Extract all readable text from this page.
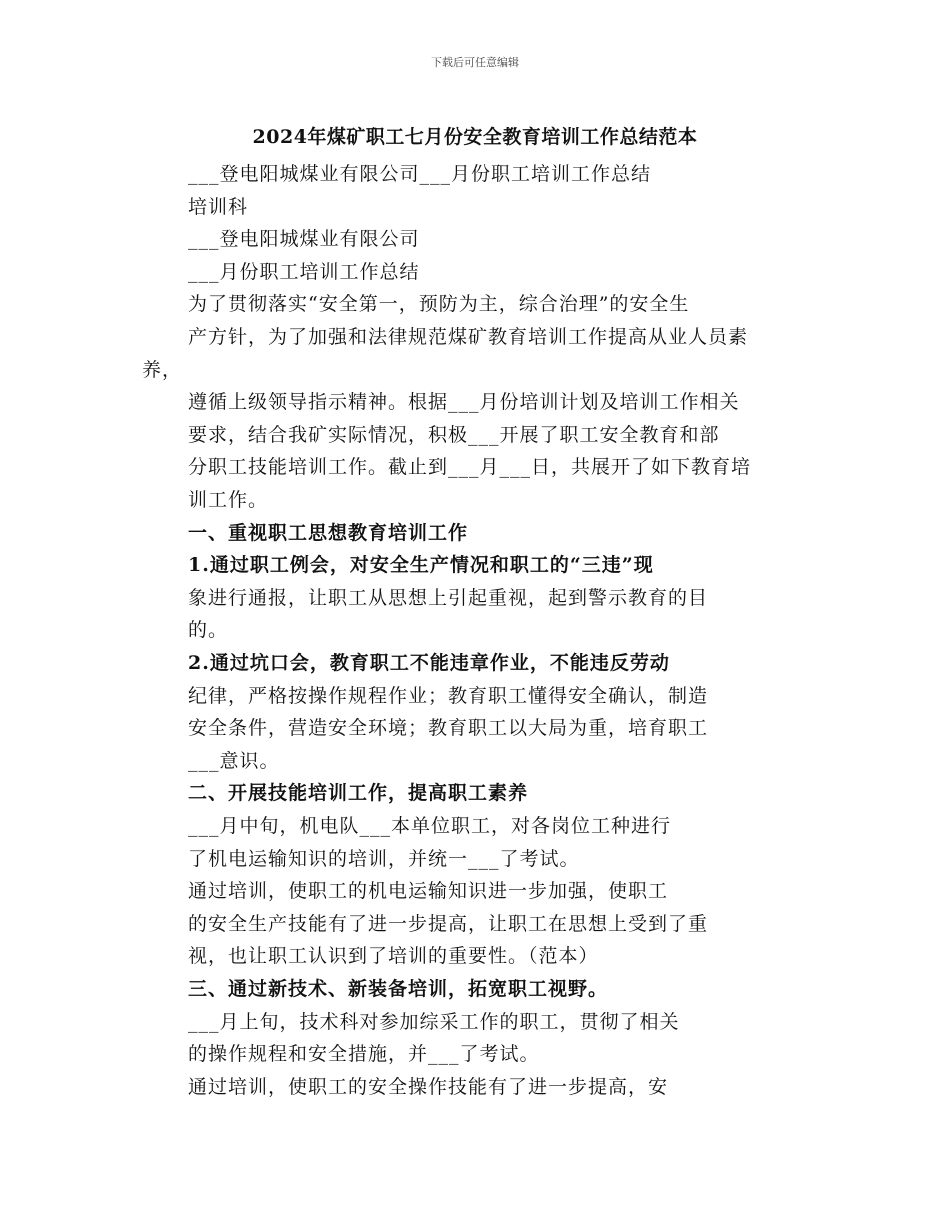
下载后可任意编辑
2024年煤矿职工七月份安全教育培训工作总结范本
___登电阳城煤业有限公司___月份职工培训工作总结
培训科
___登电阳城煤业有限公司
___月份职工培训工作总结
为了贯彻落实“安全第一，预防为主，综合治理”的安全生
产方针，为了加强和法律规范煤矿教育培训工作提高从业人员素
养，
遵循上级领导指示精神。根据___月份培训计划及培训工作相关
要求，结合我矿实际情况，积极___开展了职工安全教育和部
分职工技能培训工作。截止到___月___日，共展开了如下教育培
训工作。
一、重视职工思想教育培训工作
1.通过职工例会，对安全生产情况和职工的“三违”现
象进行通报，让职工从思想上引起重视，起到警示教育的目
的。
2.通过坑口会，教育职工不能违章作业，不能违反劳动
纪律，严格按操作规程作业；教育职工懂得安全确认，制造
安全条件，营造安全环境；教育职工以大局为重，培育职工
___意识。
二、开展技能培训工作，提高职工素养
___月中旬，机电队___本单位职工，对各岗位工种进行
了机电运输知识的培训，并统一___了考试。
通过培训，使职工的机电运输知识进一步加强，使职工
的安全生产技能有了进一步提高，让职工在思想上受到了重
视，也让职工认识到了培训的重要性。（范本）
三、通过新技术、新装备培训，拓宽职工视野。
___月上旬，技术科对参加综采工作的职工，贯彻了相关
的操作规程和安全措施，并___了考试。
通过培训，使职工的安全操作技能有了进一步提高，安
